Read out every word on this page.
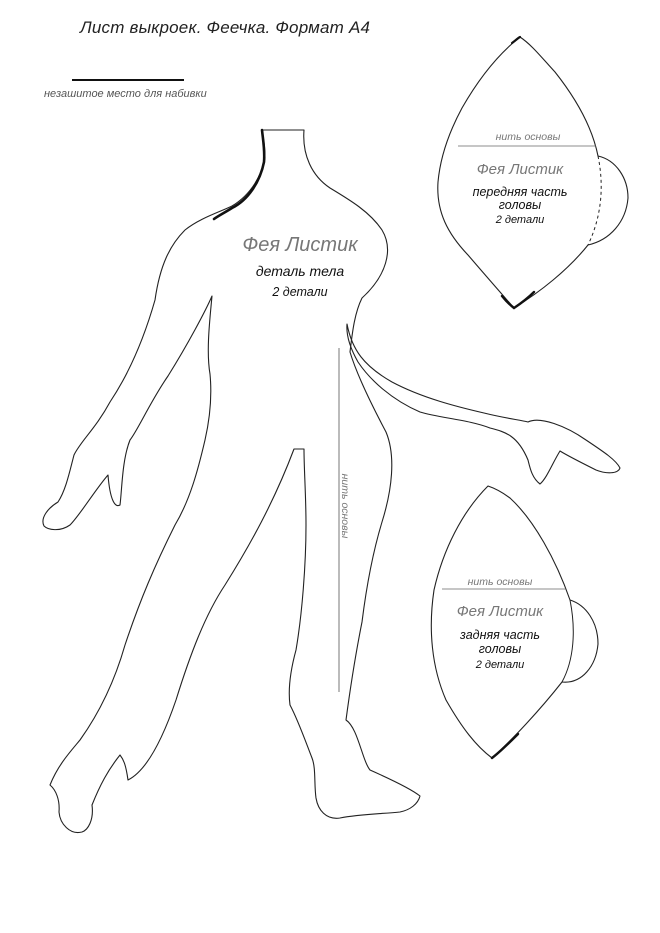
Лист выкроек. Феечка. Формат А4
незашитое место для набивки
Фея Листик
деталь тела
2 детали
нить основы
нить основы
Фея Листик
передняя часть
головы
2 детали
нить основы
Фея Листик
задняя часть
головы
2 детали
